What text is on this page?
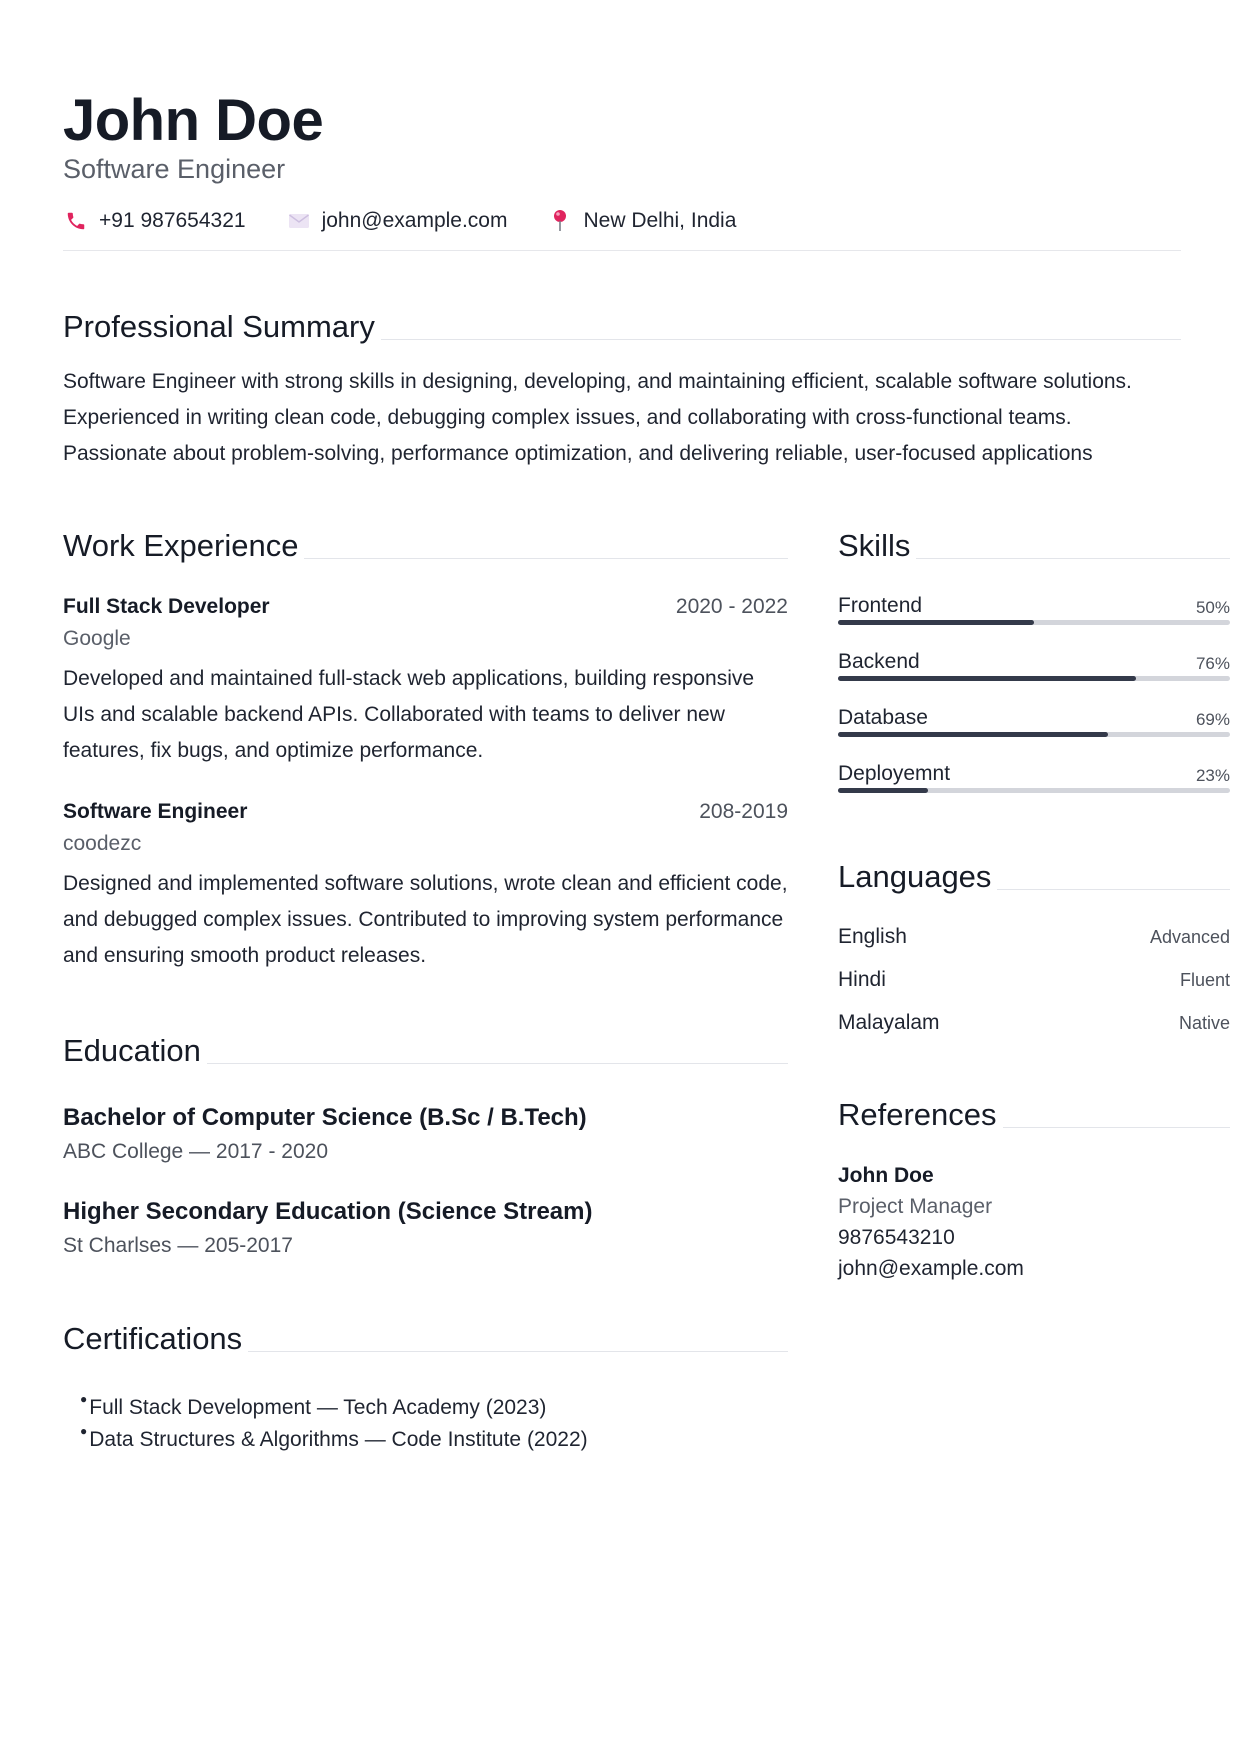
John Doe
Software Engineer
+91 987654321	john@example.com	New Delhi, India
Professional Summary
Software Engineer with strong skills in designing, developing, and maintaining efficient, scalable software solutions. Experienced in writing clean code, debugging complex issues, and collaborating with cross-functional teams. Passionate about problem-solving, performance optimization, and delivering reliable, user-focused applications
Work Experience
Full Stack Developer	2020 - 2022
Google
Developed and maintained full-stack web applications, building responsive UIs and scalable backend APIs. Collaborated with teams to deliver new features, fix bugs, and optimize performance.
Software Engineer	208-2019
coodezc
Designed and implemented software solutions, wrote clean and efficient code, and debugged complex issues. Contributed to improving system performance and ensuring smooth product releases.
Education
Bachelor of Computer Science (B.Sc / B.Tech)
ABC College — 2017 - 2020
Higher Secondary Education (Science Stream)
St Charlses — 205-2017
Certifications
● Full Stack Development — Tech Academy (2023)
● Data Structures & Algorithms — Code Institute (2022)
Skills
Frontend	50%
Backend	76%
Database	69%
Deployemnt	23%
Languages
English	Advanced
Hindi	Fluent
Malayalam	Native
References
John Doe
Project Manager
9876543210
john@example.com
